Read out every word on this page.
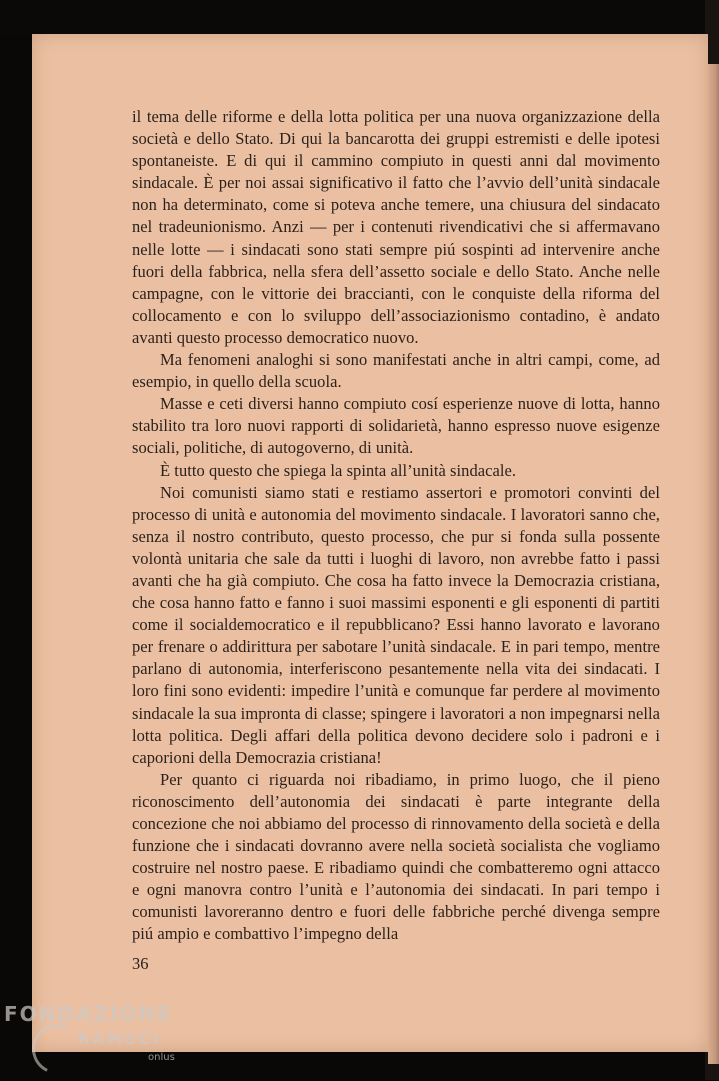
il tema delle riforme e della lotta politica per una nuova organizzazione della società e dello Stato. Di qui la bancarotta dei gruppi estremisti e delle ipotesi spontaneiste. E di qui il cammino compiuto in questi anni dal movimento sindacale. È per noi assai significativo il fatto che l’avvio dell’unità sindacale non ha determinato, come si poteva anche temere, una chiusura del sindacato nel tradeunionismo. Anzi — per i contenuti rivendicativi che si affermavano nelle lotte — i sindacati sono stati sempre piú sospinti ad intervenire anche fuori della fabbrica, nella sfera dell’assetto sociale e dello Stato. Anche nelle campagne, con le vittorie dei braccianti, con le conquiste della riforma del collocamento e con lo sviluppo dell’associazionismo contadino, è andato avanti questo processo democratico nuovo.

Ma fenomeni analoghi si sono manifestati anche in altri campi, come, ad esempio, in quello della scuola.

Masse e ceti diversi hanno compiuto cosí esperienze nuove di lotta, hanno stabilito tra loro nuovi rapporti di solidarietà, hanno espresso nuove esigenze sociali, politiche, di autogoverno, di unità.

È tutto questo che spiega la spinta all’unità sindacale.

Noi comunisti siamo stati e restiamo assertori e promotori convinti del processo di unità e autonomia del movimento sindacale. I lavoratori sanno che, senza il nostro contributo, questo processo, che pur si fonda sulla possente volontà unitaria che sale da tutti i luoghi di lavoro, non avrebbe fatto i passi avanti che ha già compiuto. Che cosa ha fatto invece la Democrazia cristiana, che cosa hanno fatto e fanno i suoi massimi esponenti e gli esponenti di partiti come il socialdemocratico e il repubblicano? Essi hanno lavorato e lavorano per frenare o addirittura per sabotare l’unità sindacale. E in pari tempo, mentre parlano di autonomia, interferiscono pesantemente nella vita dei sindacati. I loro fini sono evidenti: impedire l’unità e comunque far perdere al movimento sindacale la sua impronta di classe; spingere i lavoratori a non impegnarsi nella lotta politica. Degli affari della politica devono decidere solo i padroni e i caporioni della Democrazia cristiana!

Per quanto ci riguarda noi ribadiamo, in primo luogo, che il pieno riconoscimento dell’autonomia dei sindacati è parte integrante della concezione che noi abbiamo del processo di rinnovamento della società e della funzione che i sindacati dovranno avere nella società socialista che vogliamo costruire nel nostro paese. E ribadiamo quindi che combatteremo ogni attacco e ogni manovra contro l’unità e l’autonomia dei sindacati. In pari tempo i comunisti lavoreranno dentro e fuori delle fabbriche perché divenga sempre piú ampio e combattivo l’impegno della

36
FONDAZIONE
RAMSCI
onlus
